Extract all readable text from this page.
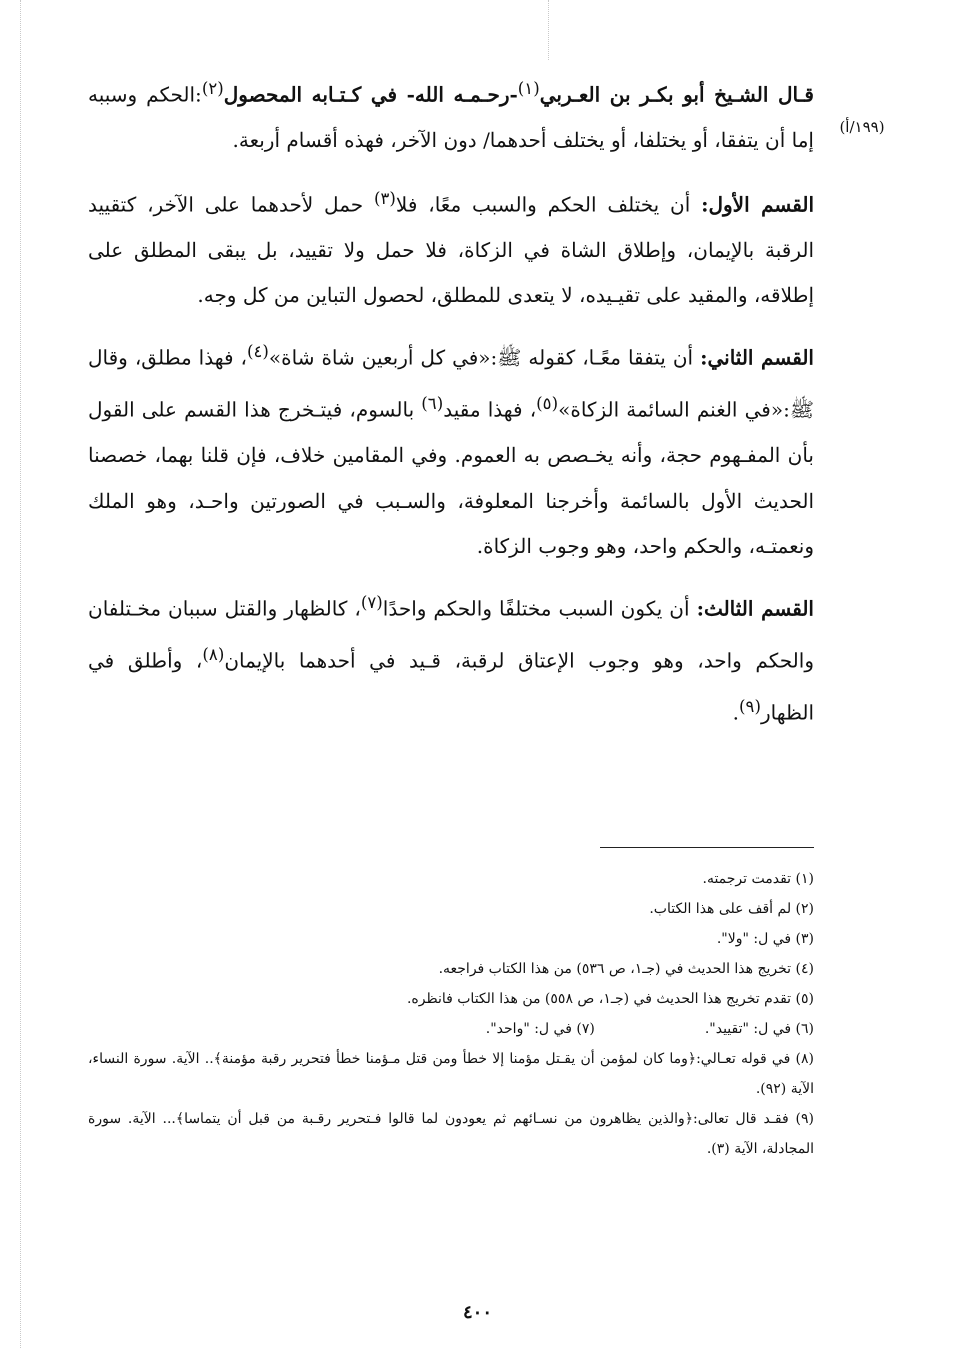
(١٩٩/أ)

قـال الشـيخ أبو بكـر بن العـربي$^{(١)}$-رحـمـه الله- في كـتـابه المحصول$^{(٢)}$:الحكم وسببه إما أن يتفقا، أو يختلفا، أو يختلف أحدهما/ دون الآخر، فهذه أقسام أربعة.

القسم الأول: أن يختلف الحكم والسبب معًا، فلا$^{(٣)}$ حمل لأحدهما على الآخر، كتقييد الرقبة بالإيمان، وإطلاق الشاة في الزكاة، فلا حمل ولا تقييد، بل يبقى المطلق على إطلاقه، والمقيد على تقيـيده، لا يتعدى للمطلق، لحصول التباين من كل وجه.

القسم الثاني: أن يتفقا معًـا، كقوله ﷺ:«في كل أربعين شاة شاة»$^{(٤)}$، فهذا مطلق، وقال ﷺ:«في الغنم السائمة الزكاة»$^{(٥)}$، فهذا مقيد$^{(٦)}$ بالسوم، فيتـخرج هذا القسم على القول بأن المفـهوم حجة، وأنه يخـصص به العموم. وفي المقامين خلاف، فإن قلنا بهما، خصصنا الحديث الأول بالسائمة وأخرجنا المعلوفة، والسـبب في الصورتين واحـد، وهو الملك ونعمتـه، والحكم واحد، وهو وجوب الزكاة.

القسم الثالث: أن يكون السبب مختلفًا والحكم واحدًا$^{(٧)}$، كالظهار والقتل سببان مخـتلفان والحكم واحد، وهو وجوب الإعتاق لرقبة، قـيد في أحدهما بالإيمان$^{(٨)}$، وأطلق في الظهار$^{(٩)}$.

(١) تقدمت ترجمته.
(٢) لم أقف على هذا الكتاب.
(٣) في ل: "ولا".
(٤) تخريج هذا الحديث في (جـ١، ص ٥٣٦) من هذا الكتاب فراجعه.
(٥) تقدم تخريج هذا الحديث في (جـ١، ص ٥٥٨) من هذا الكتاب فانظره.
(٦) في ل: "تقييد".
(٧) في ل: "واحد".
(٨) في قوله تعـالي:﴿وما كان لمؤمن أن يقـتل مؤمنا إلا خطأ ومن قتل مـؤمنا خطأ فتحرير رقبة مؤمنة﴾.. الآية. سورة النساء، الآية (٩٢).
(٩) فقـد قال تعالى:﴿والذين يظاهرون من نسـائهم ثم يعودون لما قالوا فـتحرير رقـبة من قبل أن يتماسا﴾... الآية. سورة المجادلة، الآية (٣).
٤٠٠
